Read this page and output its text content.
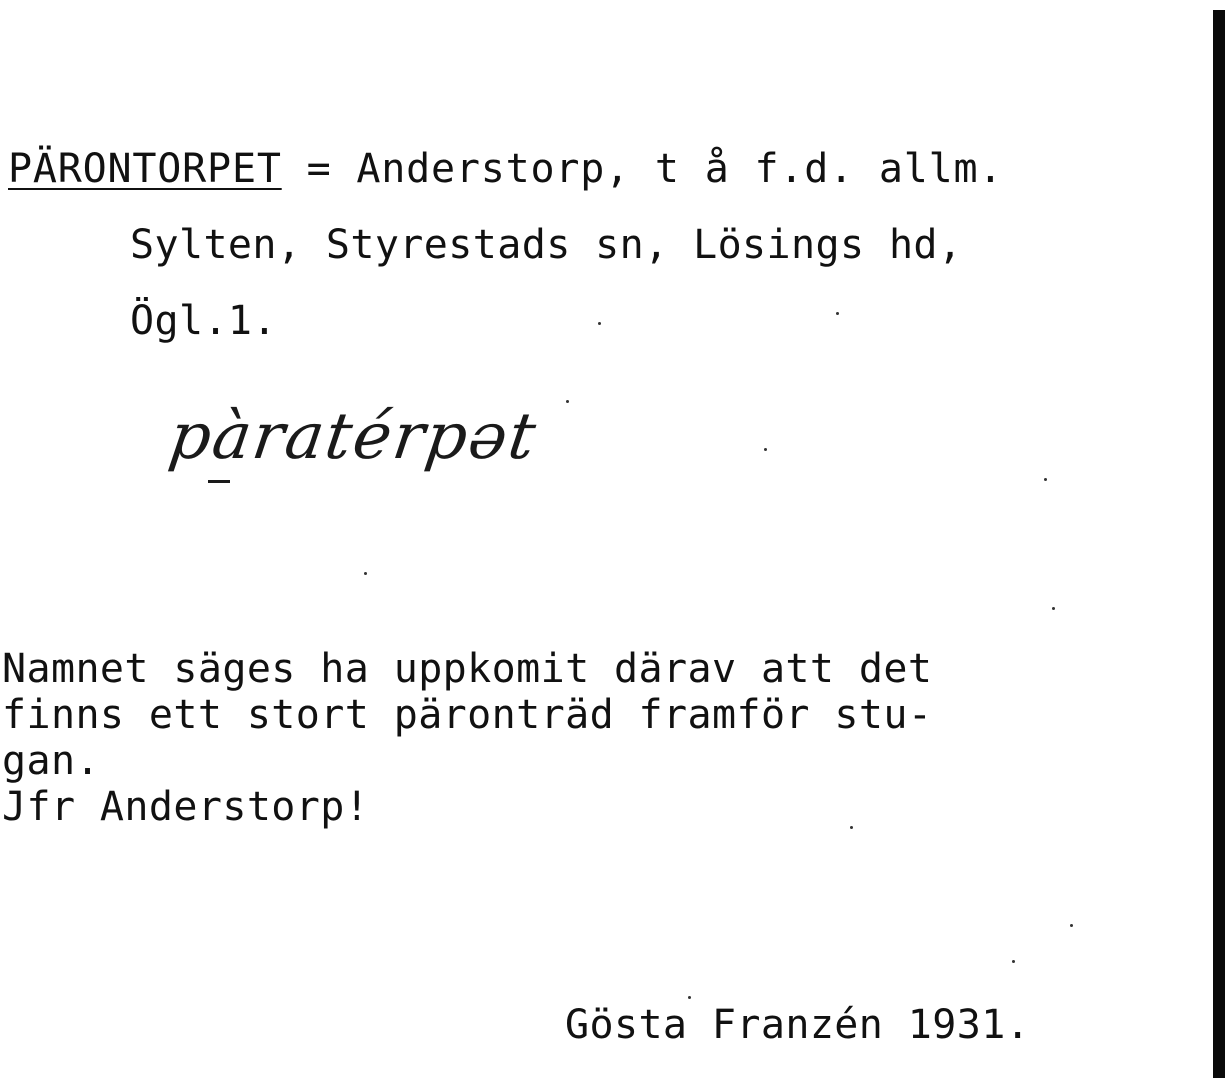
PÄRONTORPET = Anderstorp, t å f.d. allm.
Sylten, Styrestads sn, Lösings hd,
Ögl.1.
pàratérpət
Namnet säges ha uppkomit därav att det
finns ett stort päronträd framför stu-
gan.
Jfr Anderstorp!
Gösta Franzén 1931.
